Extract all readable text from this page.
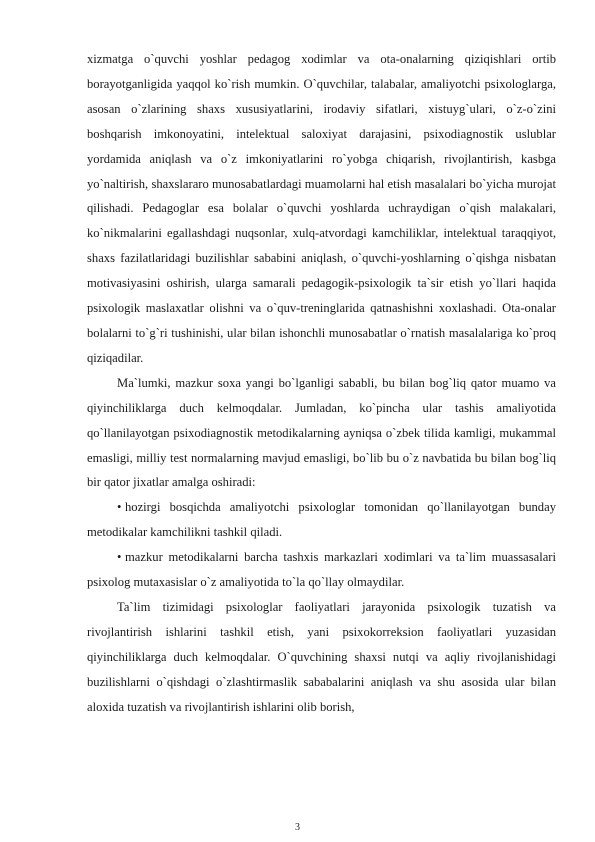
xizmatga o`quvchi yoshlar pedagog xodimlar va ota-onalarning qiziqishlari ortib borayotganligida yaqqol ko`rish mumkin. O`quvchilar, talabalar, amaliyotchi psixologlarga, asosan o`zlarining shaxs xususiyatlarini, irodaviy sifatlari, xistuyg`ulari, o`z-o`zini boshqarish imkonoyatini, intelektual saloxiyat darajasini, psixodiagnostik uslublar yordamida aniqlash va o`z imkoniyatlarini ro`yobga chiqarish, rivojlantirish, kasbga yo`naltirish, shaxslararo munosabatlardagi muamolarni hal etish masalalari bo`yicha murojat qilishadi. Pedagoglar esa bolalar o`quvchi yoshlarda uchraydigan o`qish malakalari, ko`nikmalarini egallashdagi nuqsonlar, xulq-atvordagi kamchiliklar, intelektual taraqqiyot, shaxs fazilatlaridagi buzilishlar sababini aniqlash, o`quvchi-yoshlarning o`qishga nisbatan motivasiyasini oshirish, ularga samarali pedagogik-psixologik ta`sir etish yo`llari haqida psixologik maslaxatlar olishni va o`quv-treninglarida qatnashishni xoxlashadi. Ota-onalar bolalarni to`g`ri tushinishi, ular bilan ishonchli munosabatlar o`rnatish masalalariga ko`proq qiziqadilar.

Ma`lumki, mazkur soxa yangi bo`lganligi sababli, bu bilan bog`liq qator muamo va qiyinchiliklarga duch kelmoqdalar. Jumladan, ko`pincha ular tashis amaliyotida qo`llanilayotgan psixodiagnostik metodikalarning ayniqsa o`zbek tilida kamligi, mukammal emasligi, milliy test normalarning mavjud emasligi, bo`lib bu o`z navbatida bu bilan bog`liq bir qator jixatlar amalga oshiradi:

• hozirgi bosqichda amaliyotchi psixologlar tomonidan qo`llanilayotgan bunday metodikalar kamchilikni tashkil qiladi.

• mazkur metodikalarni barcha tashxis markazlari xodimlari va ta`lim muassasalari psixolog mutaxasislar o`z amaliyotida to`la qo`llay olmaydilar.

Ta`lim tizimidagi psixologlar faoliyatlari jarayonida psixologik tuzatish va rivojlantirish ishlarini tashkil etish, yani psixokorreksion faoliyatlari yuzasidan qiyinchiliklarga duch kelmoqdalar. O`quvchining shaxsi nutqi va aqliy rivojlanishidagi buzilishlarni o`qishdagi o`zlashtirmaslik sababalarini aniqlash va shu asosida ular bilan aloxida tuzatish va rivojlantirish ishlarini olib borish,

3
